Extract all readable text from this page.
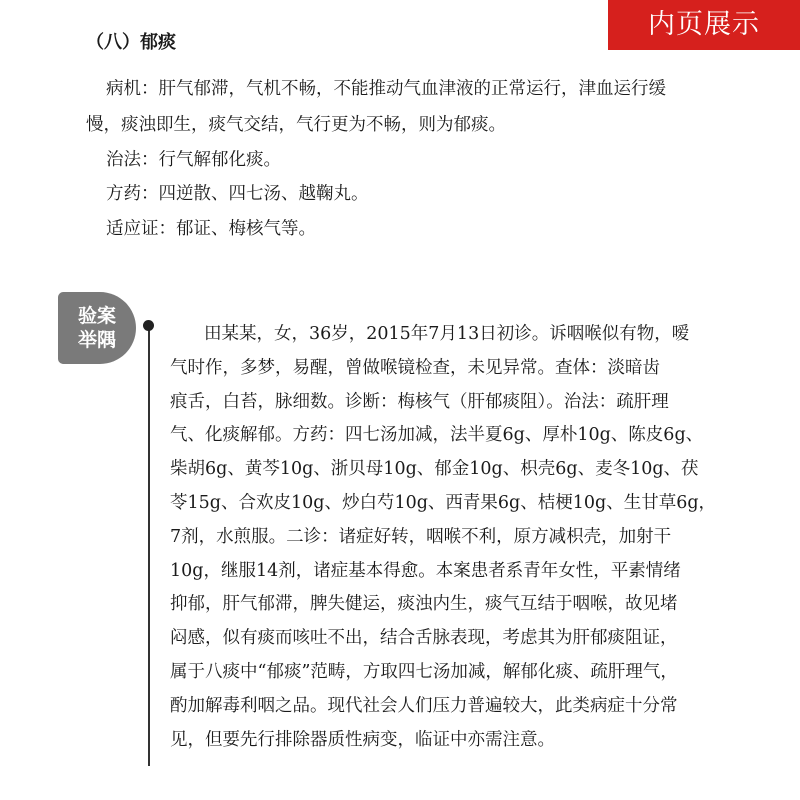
内页展示
（八）郁痰

病机：肝气郁滞，气机不畅，不能推动气血津液的正常运行，津血运行缓

慢，痰浊即生，痰气交结，气行更为不畅，则为郁痰。

治法：行气解郁化痰。

方药：四逆散、四七汤、越鞠丸。

适应证：郁证、梅核气等。

验案
举隅	田某某，女，36岁，2015年7月13日初诊。诉咽喉似有物，嗳
气时作，多梦，易醒，曾做喉镜检查，未见异常。查体：淡暗齿
痕舌，白苔，脉细数。诊断：梅核气（肝郁痰阻）。治法：疏肝理
气、化痰解郁。方药：四七汤加减，法半夏6g、厚朴10g、陈皮6g、
柴胡6g、黄芩10g、浙贝母10g、郁金10g、枳壳6g、麦冬10g、茯
苓15g、合欢皮10g、炒白芍10g、西青果6g、桔梗10g、生甘草6g，
7剂，水煎服。二诊：诸症好转，咽喉不利，原方减枳壳，加射干
10g，继服14剂，诸症基本得愈。本案患者系青年女性，平素情绪
抑郁，肝气郁滞，脾失健运，痰浊内生，痰气互结于咽喉，故见堵
闷感，似有痰而咳吐不出，结合舌脉表现，考虑其为肝郁痰阻证，
属于八痰中“郁痰”范畴，方取四七汤加减，解郁化痰、疏肝理气，
酌加解毒利咽之品。现代社会人们压力普遍较大，此类病症十分常
见，但要先行排除器质性病变，临证中亦需注意。
